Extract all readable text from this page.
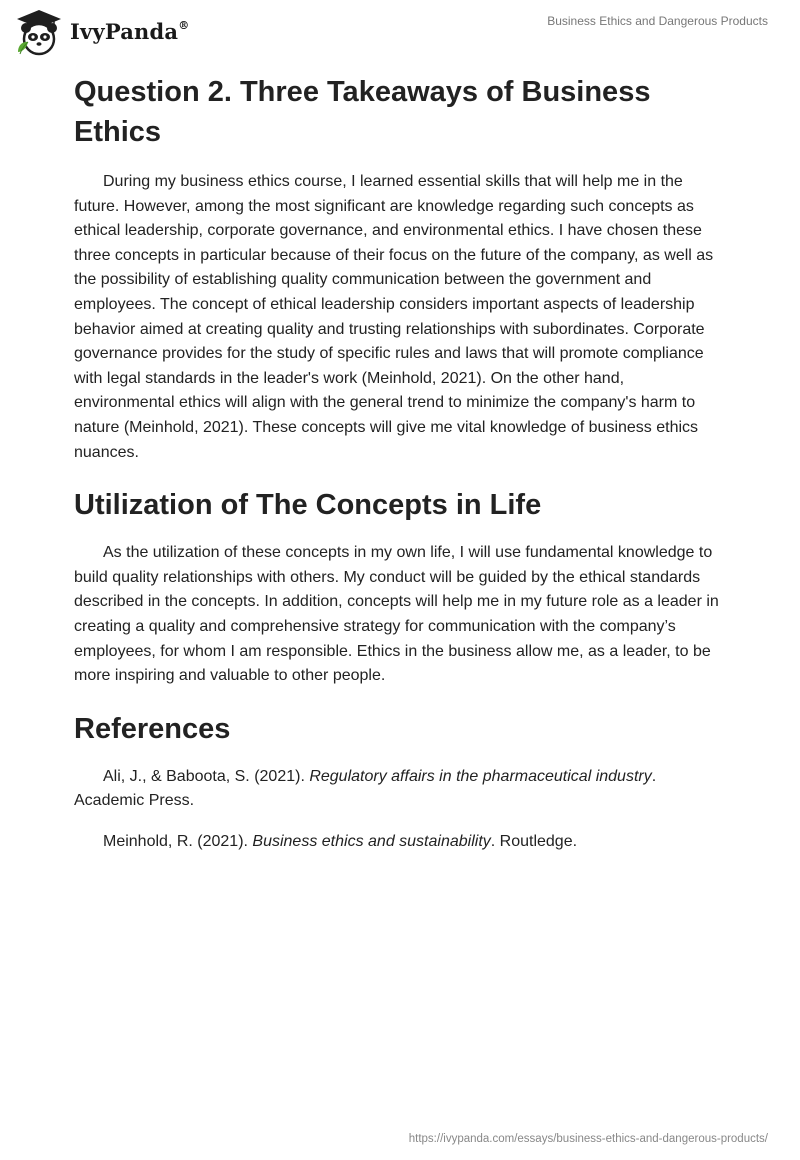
IvyPanda®	Business Ethics and Dangerous Products
Question 2. Three Takeaways of Business Ethics

During my business ethics course, I learned essential skills that will help me in the future. However, among the most significant are knowledge regarding such concepts as ethical leadership, corporate governance, and environmental ethics. I have chosen these three concepts in particular because of their focus on the future of the company, as well as the possibility of establishing quality communication between the government and employees. The concept of ethical leadership considers important aspects of leadership behavior aimed at creating quality and trusting relationships with subordinates. Corporate governance provides for the study of specific rules and laws that will promote compliance with legal standards in the leader's work (Meinhold, 2021). On the other hand, environmental ethics will align with the general trend to minimize the company's harm to nature (Meinhold, 2021). These concepts will give me vital knowledge of business ethics nuances.

Utilization of The Concepts in Life

As the utilization of these concepts in my own life, I will use fundamental knowledge to build quality relationships with others. My conduct will be guided by the ethical standards described in the concepts. In addition, concepts will help me in my future role as a leader in creating a quality and comprehensive strategy for communication with the company’s employees, for whom I am responsible. Ethics in the business allow me, as a leader, to be more inspiring and valuable to other people.

References

Ali, J., & Baboota, S. (2021). Regulatory affairs in the pharmaceutical industry. Academic Press.

Meinhold, R. (2021). Business ethics and sustainability. Routledge.

https://ivypanda.com/essays/business-ethics-and-dangerous-products/
